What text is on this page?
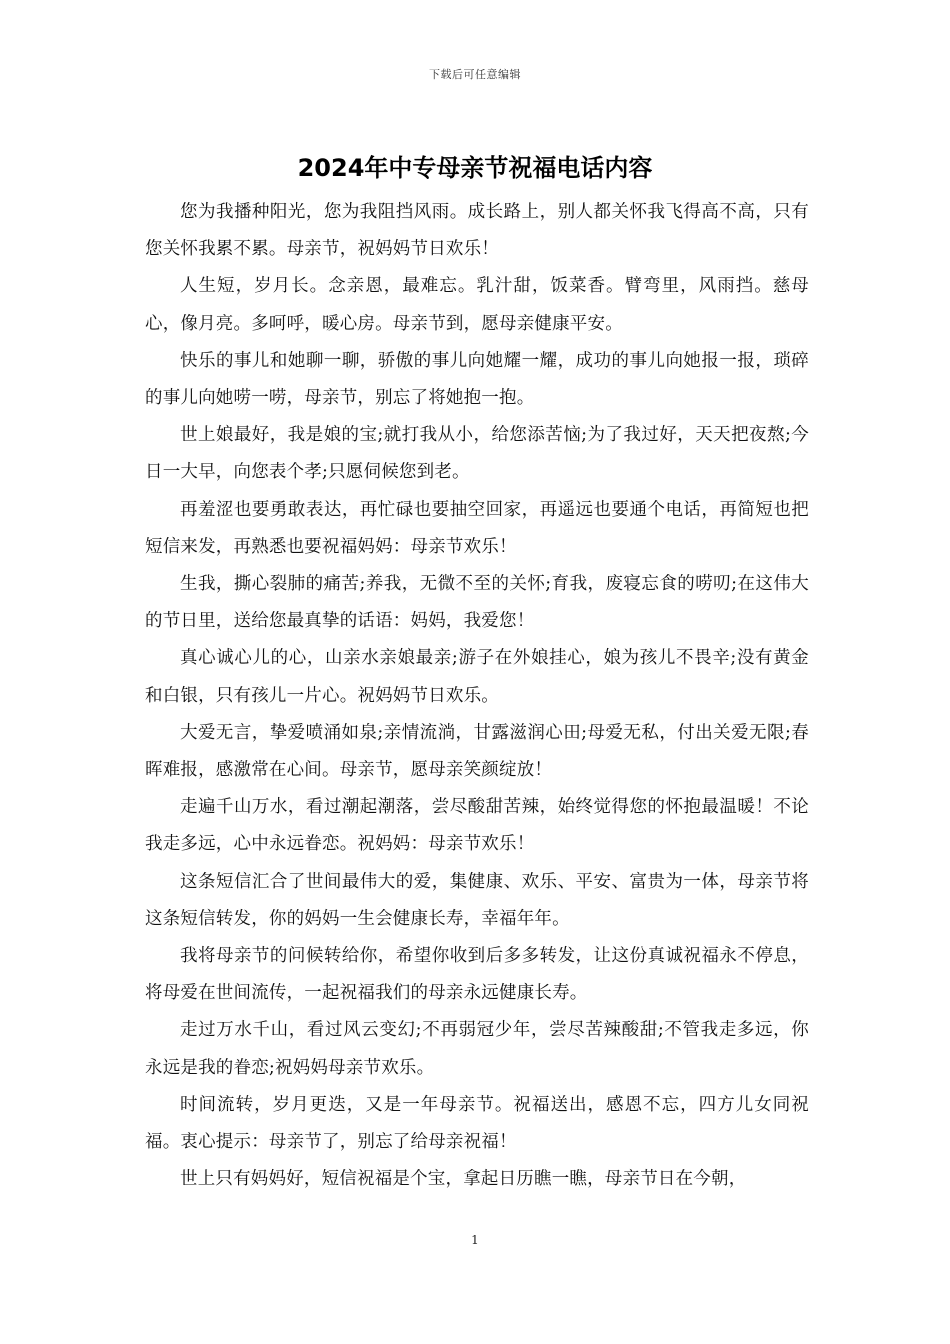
下载后可任意编辑
2024年中专母亲节祝福电话内容

您为我播种阳光，您为我阻挡风雨。成长路上，别人都关怀我飞得高不高，只有您关怀我累不累。母亲节，祝妈妈节日欢乐！

人生短，岁月长。念亲恩，最难忘。乳汁甜，饭菜香。臂弯里，风雨挡。慈母心，像月亮。多呵呼，暖心房。母亲节到，愿母亲健康平安。

快乐的事儿和她聊一聊，骄傲的事儿向她耀一耀，成功的事儿向她报一报，琐碎的事儿向她唠一唠，母亲节，别忘了将她抱一抱。

世上娘最好，我是娘的宝;就打我从小，给您添苦恼;为了我过好，天天把夜熬;今日一大早，向您表个孝;只愿伺候您到老。

再羞涩也要勇敢表达，再忙碌也要抽空回家，再遥远也要通个电话，再简短也把短信来发，再熟悉也要祝福妈妈：母亲节欢乐！

生我，撕心裂肺的痛苦;养我，无微不至的关怀;育我，废寝忘食的唠叨;在这伟大的节日里，送给您最真挚的话语：妈妈，我爱您！

真心诚心儿的心，山亲水亲娘最亲;游子在外娘挂心，娘为孩儿不畏辛;没有黄金和白银，只有孩儿一片心。祝妈妈节日欢乐。

大爱无言，挚爱喷涌如泉;亲情流淌，甘露滋润心田;母爱无私，付出关爱无限;春晖难报，感激常在心间。母亲节，愿母亲笑颜绽放！

走遍千山万水，看过潮起潮落，尝尽酸甜苦辣，始终觉得您的怀抱最温暖！不论我走多远，心中永远眷恋。祝妈妈：母亲节欢乐！

这条短信汇合了世间最伟大的爱，集健康、欢乐、平安、富贵为一体，母亲节将这条短信转发，你的妈妈一生会健康长寿，幸福年年。

我将母亲节的问候转给你，希望你收到后多多转发，让这份真诚祝福永不停息，将母爱在世间流传，一起祝福我们的母亲永远健康长寿。

走过万水千山，看过风云变幻;不再弱冠少年，尝尽苦辣酸甜;不管我走多远，你永远是我的眷恋;祝妈妈母亲节欢乐。

时间流转，岁月更迭，又是一年母亲节。祝福送出，感恩不忘，四方儿女同祝福。衷心提示：母亲节了，别忘了给母亲祝福！

世上只有妈妈好，短信祝福是个宝，拿起日历瞧一瞧，母亲节日在今朝，

1
